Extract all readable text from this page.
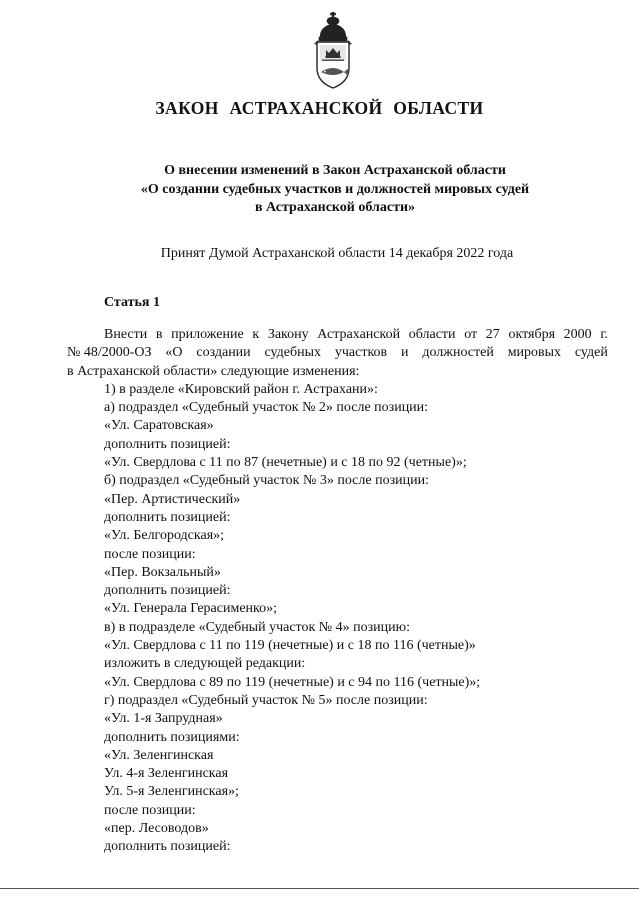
ЗАКОН АСТРАХАНСКОЙ ОБЛАСТИ
О внесении изменений в Закон Астраханской области
«О создании судебных участков и должностей мировых судей
в Астраханской области»
Принят Думой Астраханской области 14 декабря 2022 года
Статья 1
Внести в приложение к Закону Астраханской области от 27 октября 2000 г.
№ 48/2000-ОЗ «О создании судебных участков и должностей мировых судей
в Астраханской области» следующие изменения:
1) в разделе «Кировский район г. Астрахани»:
а) подраздел «Судебный участок № 2» после позиции:
«Ул. Саратовская»
дополнить позицией:
«Ул. Свердлова с 11 по 87 (нечетные) и с 18 по 92 (четные)»;
б) подраздел «Судебный участок № 3» после позиции:
«Пер. Артистический»
дополнить позицией:
«Ул. Белгородская»;
после позиции:
«Пер. Вокзальный»
дополнить позицией:
«Ул. Генерала Герасименко»;
в) в подразделе «Судебный участок № 4» позицию:
«Ул. Свердлова с 11 по 119 (нечетные) и с 18 по 116 (четные)»
изложить в следующей редакции:
«Ул. Свердлова с 89 по 119 (нечетные) и с 94 по 116 (четные)»;
г) подраздел «Судебный участок № 5» после позиции:
«Ул. 1-я Запрудная»
дополнить позициями:
«Ул. Зеленгинская
Ул. 4-я Зеленгинская
Ул. 5-я Зеленгинская»;
после позиции:
«пер. Лесоводов»
дополнить позицией:
